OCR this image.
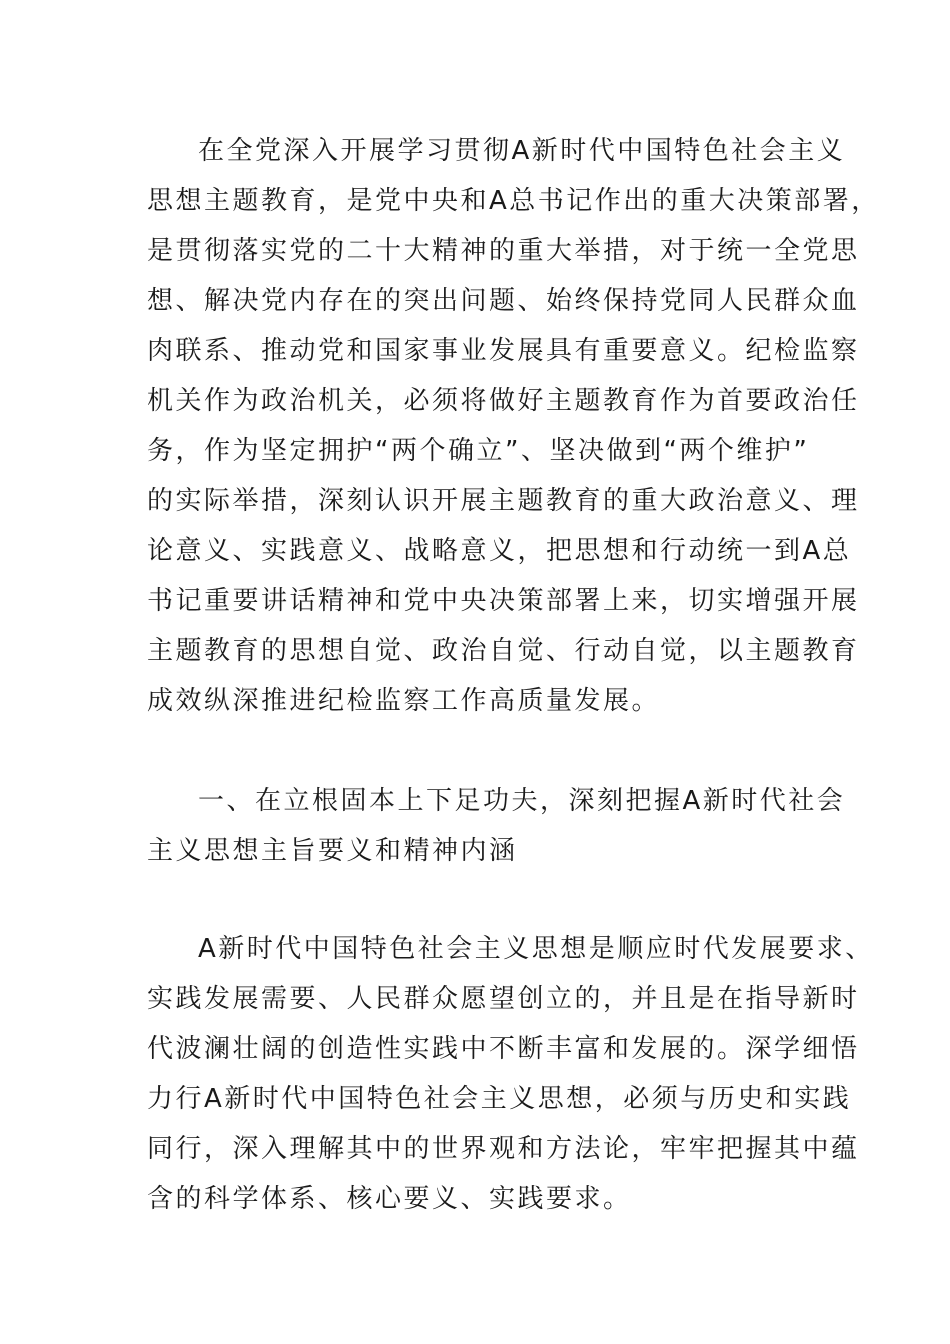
在全党深入开展学习贯彻A新时代中国特色社会主义
思想主题教育，是党中央和A总书记作出的重大决策部署，
是贯彻落实党的二十大精神的重大举措，对于统一全党思
想、解决党内存在的突出问题、始终保持党同人民群众血
肉联系、推动党和国家事业发展具有重要意义。纪检监察
机关作为政治机关，必须将做好主题教育作为首要政治任
务，作为坚定拥护“两个确立”、坚决做到“两个维护”
的实际举措，深刻认识开展主题教育的重大政治意义、理
论意义、实践意义、战略意义，把思想和行动统一到A总
书记重要讲话精神和党中央决策部署上来，切实增强开展
主题教育的思想自觉、政治自觉、行动自觉，以主题教育
成效纵深推进纪检监察工作高质量发展。
一、在立根固本上下足功夫，深刻把握A新时代社会
主义思想主旨要义和精神内涵
A新时代中国特色社会主义思想是顺应时代发展要求、
实践发展需要、人民群众愿望创立的，并且是在指导新时
代波澜壮阔的创造性实践中不断丰富和发展的。深学细悟
力行A新时代中国特色社会主义思想，必须与历史和实践
同行，深入理解其中的世界观和方法论，牢牢把握其中蕴
含的科学体系、核心要义、实践要求。
